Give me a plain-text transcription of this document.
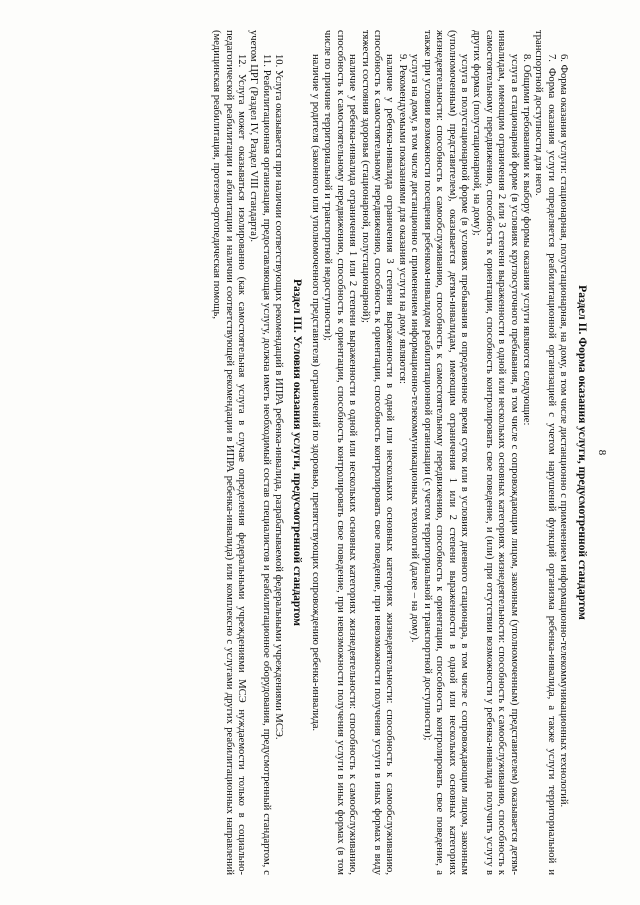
8
Раздел II. Форма оказания услуги, предусмотренной стандартом

6. Форма оказания услуги: стационарная, полустационарная, на дому, в том числе дистанционно с применением информационно-телекоммуникационных технологий.

7. Форма оказания услуги определяется реабилитационной организацией с учетом нарушений функций организма ребенка-инвалида, а также услуги территориальной и транспортной доступности для него.

8. Общими требованиями к выбору формы оказания услуги являются следующие:

услуга в стационарной форме (в условиях круглосуточного пребывания, в том числе с сопровождающим лицом, законным (уполномоченным) представителем) оказывается детям-инвалидам, имеющим ограничения 2 или 3 степени выраженности в одной или нескольких основных категориях жизнедеятельности: способность к самообслуживанию, способность к самостоятельному передвижению, способность к ориентации, способность контролировать свое поведение, и (или) при отсутствии возможности у ребенка-инвалида получить услугу в других формах (полустационарной, на дому);

услуга в полустационарной форме (в условиях пребывания в определенное время суток или в условиях дневного стационара, в том числе с сопровождающим лицом, законным (уполномоченным) представителем), оказывается детям-инвалидам, имеющим ограничения 1 или 2 степени выраженности в одной или нескольких основных категориях жизнедеятельности: способность к самообслуживанию, способность к самостоятельному передвижению, способность к ориентации, способность контролировать свое поведение, а также при условии возможности посещения ребенком-инвалидом реабилитационной организации (с учетом территориальной и транспортной доступности);

услуга на дому, в том числе дистанционно с применением информационно-телекоммуникационных технологий (далее – на дому).

9. Рекомендуемыми показаниями для оказания услуги на дому являются:

наличие у ребенка-инвалида ограничения 3 степени выраженности в одной или нескольких основных категориях жизнедеятельности: способность к самообслуживанию, способность к самостоятельному передвижению, способность к ориентации, способность контролировать свое поведение, при невозможности получения услуги в иных формах в виду тяжести состояния здоровья (стационарной, полустационарной);

наличие у ребенка-инвалида ограничения 1 или 2 степени выраженности в одной или нескольких основных категориях жизнедеятельности: способность к самообслуживанию, способность к самостоятельному передвижению, способность к ориентации, способность контролировать свое поведение, при невозможности получения услуги в иных формах (в том числе по причине территориальной и транспортной недоступности);

наличие у родителя (законного или уполномоченного представителя) ограничений по здоровью, препятствующих сопровождению ребенка-инвалида.

Раздел III. Условия оказания услуги, предусмотренной стандартом

10. Услуга оказывается при наличии соответствующих рекомендаций в ИПРА ребенка-инвалида, разрабатываемой федеральными учреждениями МСЭ.

11. Реабилитационная организация, предоставляющая услугу, должна иметь необходимый состав специалистов и реабилитационное оборудования, предусмотренный стандартом, с учетом ЦРГ (Раздел IV, Раздел VIII стандарта).

12. Услуга может оказываться изолированно (как самостоятельная услуга в случае определения федеральными учреждениями МСЭ нуждаемости только в социально-педагогической реабилитации и абилитации и наличии соответствующей рекомендации в ИПРА ребенка-инвалида) или комплексно с услугами других реабилитационных направлений (медицинская реабилитация, протезно-ортопедическая помощь,
